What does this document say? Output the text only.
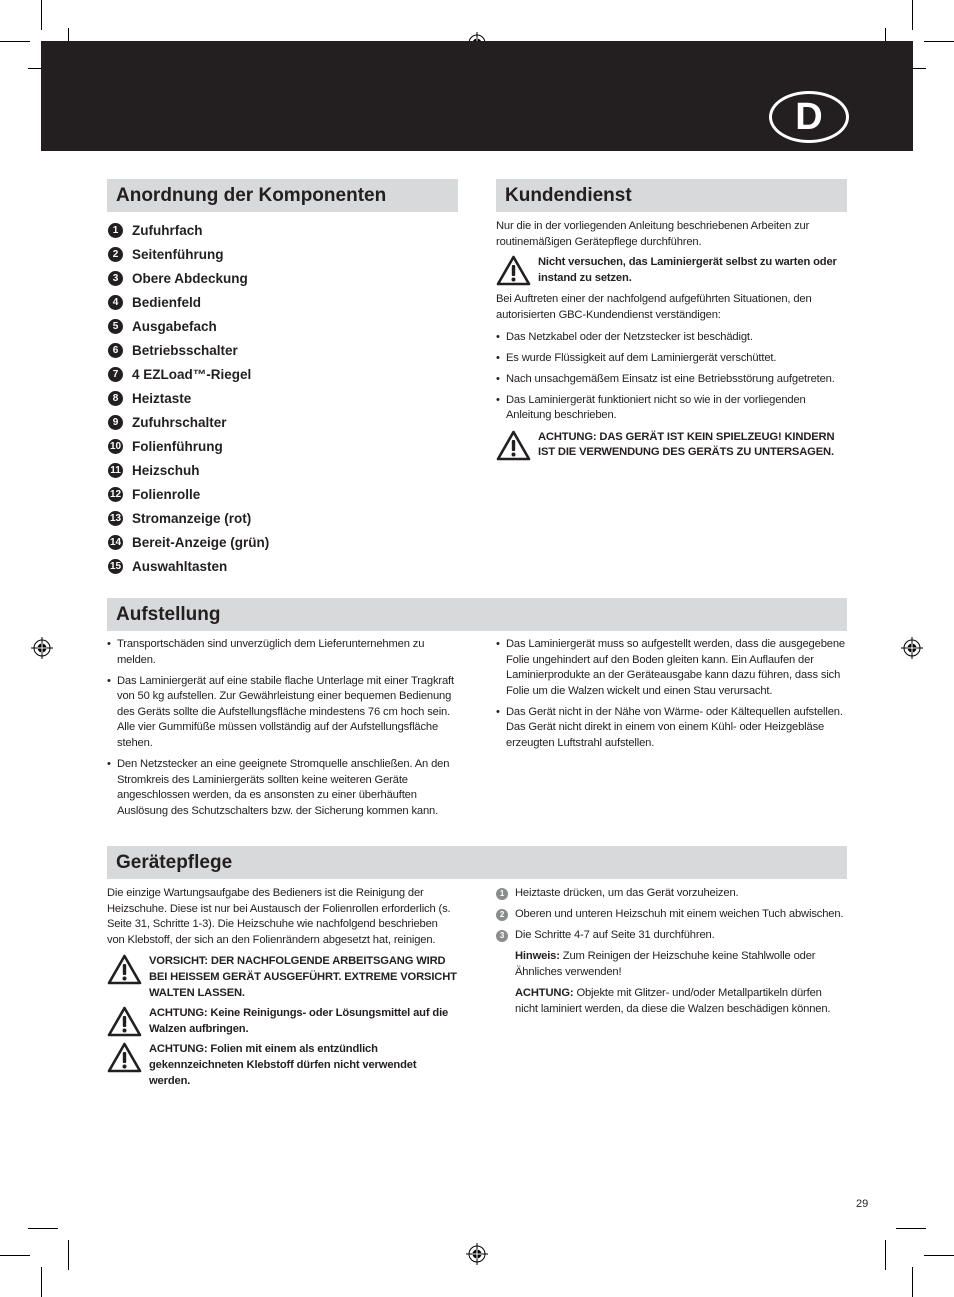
D
Anordnung der Komponenten
1	Zufuhrfach
2	Seitenführung
3	Obere Abdeckung
4	Bedienfeld
5	Ausgabefach
6	Betriebsschalter
7	4 EZLoad™-Riegel
8	Heiztaste
9	Zufuhrschalter
10 Folienführung
11 Heizschuh
12 Folienrolle
13 Stromanzeige (rot)
14 Bereit-Anzeige (grün)
15 Auswahltasten
Kundendienst
Nur die in der vorliegenden Anleitung beschriebenen Arbeiten zur routinemäßigen Gerätepflege durchführen.
Nicht versuchen, das Laminiergerät selbst zu warten oder instand zu setzen.
Bei Auftreten einer der nachfolgend aufgeführten Situationen, den autorisierten GBC-Kundendienst verständigen:
• Das Netzkabel oder der Netzstecker ist beschädigt.
• Es wurde Flüssigkeit auf dem Laminiergerät verschüttet.
• Nach unsachgemäßem Einsatz ist eine Betriebsstörung aufgetreten.
• Das Laminiergerät funktioniert nicht so wie in der vorliegenden Anleitung beschrieben.
ACHTUNG: DAS GERÄT IST KEIN SPIELZEUG! KINDERN IST DIE VERWENDUNG DES GERÄTS ZU UNTERSAGEN.
Aufstellung
• Transportschäden sind unverzüglich dem Lieferunternehmen zu melden.
• Das Laminiergerät auf eine stabile flache Unterlage mit einer Tragkraft von 50 kg aufstellen. Zur Gewährleistung einer bequemen Bedienung des Geräts sollte die Aufstellungsfläche mindestens 76 cm hoch sein. Alle vier Gummifüße müssen vollständig auf der Aufstellungsfläche stehen.
• Den Netzstecker an eine geeignete Stromquelle anschließen. An den Stromkreis des Laminiergeräts sollten keine weiteren Geräte angeschlossen werden, da es ansonsten zu einer überhäuften Auslösung des Schutzschalters bzw. der Sicherung kommen kann.
• Das Laminiergerät muss so aufgestellt werden, dass die ausgegebene Folie ungehindert auf den Boden gleiten kann. Ein Auflaufen der Laminierprodukte an der Geräteausgabe kann dazu führen, dass sich Folie um die Walzen wickelt und einen Stau verursacht.
• Das Gerät nicht in der Nähe von Wärme- oder Kältequellen aufstellen. Das Gerät nicht direkt in einem von einem Kühl- oder Heizgebläse erzeugten Luftstrahl aufstellen.
Gerätepflege
Die einzige Wartungsaufgabe des Bedieners ist die Reinigung der Heizschuhe. Diese ist nur bei Austausch der Folienrollen erforderlich (s. Seite 31, Schritte 1-3). Die Heizschuhe wie nachfolgend beschrieben von Klebstoff, der sich an den Folienrändern abgesetzt hat, reinigen.
VORSICHT: DER NACHFOLGENDE ARBEITSGANG WIRD BEI HEISSEM GERÄT AUSGEFÜHRT. EXTREME VORSICHT WALTEN LASSEN.
ACHTUNG: Keine Reinigungs- oder Lösungsmittel auf die Walzen aufbringen.
ACHTUNG: Folien mit einem als entzündlich gekennzeichneten Klebstoff dürfen nicht verwendet werden.
1 Heiztaste drücken, um das Gerät vorzuheizen.
2 Oberen und unteren Heizschuh mit einem weichen Tuch abwischen.
3 Die Schritte 4-7 auf Seite 31 durchführen.
Hinweis: Zum Reinigen der Heizschuhe keine Stahlwolle oder Ähnliches verwenden!
ACHTUNG: Objekte mit Glitzer- und/oder Metallpartikeln dürfen nicht laminiert werden, da diese die Walzen beschädigen können.
29
